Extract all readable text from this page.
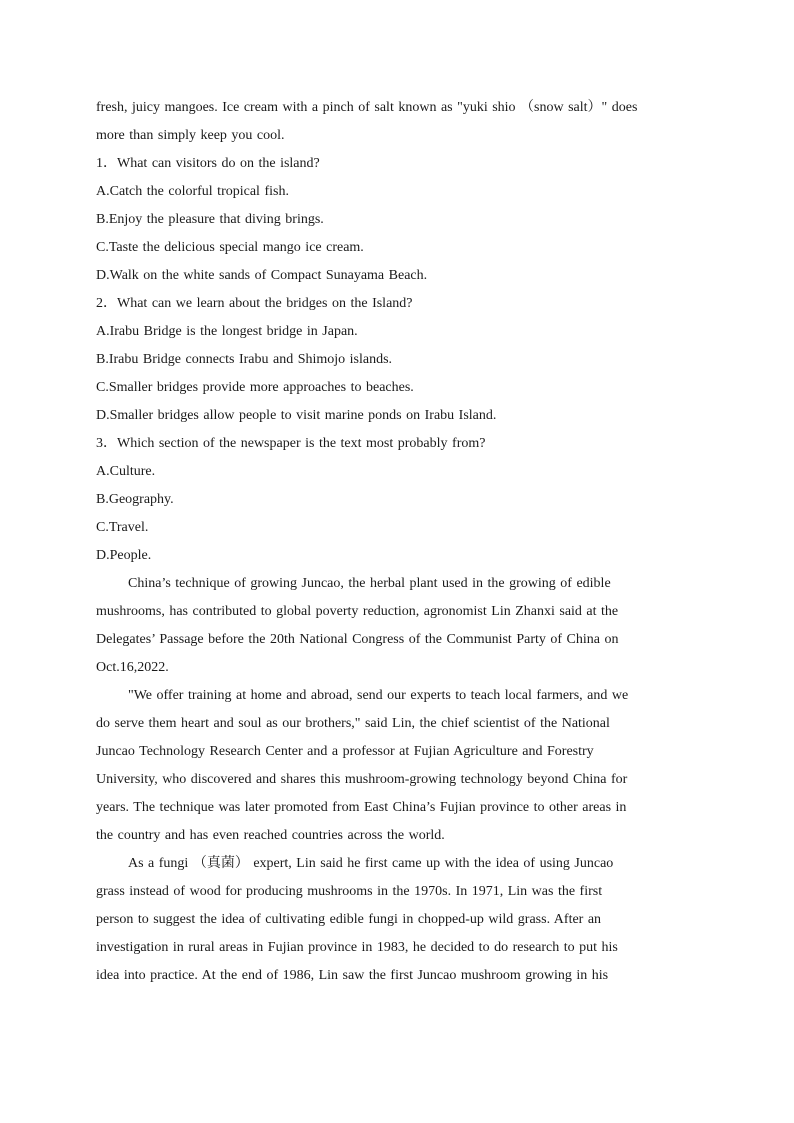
fresh, juicy mangoes. Ice cream with a pinch of salt known as "yuki shio （snow salt）" does
more than simply keep you cool.
1．What can visitors do on the island?
A.Catch the colorful tropical fish.
B.Enjoy the pleasure that diving brings.
C.Taste the delicious special mango ice cream.
D.Walk on the white sands of Compact Sunayama Beach.
2．What can we learn about the bridges on the Island?
A.Irabu Bridge is the longest bridge in Japan.
B.Irabu Bridge connects Irabu and Shimojo islands.
C.Smaller bridges provide more approaches to beaches.
D.Smaller bridges allow people to visit marine ponds on Irabu Island.
3．Which section of the newspaper is the text most probably from?
A.Culture.
B.Geography.
C.Travel.
D.People.
China’s technique of growing Juncao, the herbal plant used in the growing of edible
mushrooms, has contributed to global poverty reduction, agronomist Lin Zhanxi said at the
Delegates’ Passage before the 20th National Congress of the Communist Party of China on
Oct.16,2022.
"We offer training at home and abroad, send our experts to teach local farmers, and we
do serve them heart and soul as our brothers," said Lin, the chief scientist of the National
Juncao Technology Research Center and a professor at Fujian Agriculture and Forestry
University, who discovered and shares this mushroom-growing technology beyond China for
years. The technique was later promoted from East China’s Fujian province to other areas in
the country and has even reached countries across the world.
As a fungi （真菌） expert, Lin said he first came up with the idea of using Juncao
grass instead of wood for producing mushrooms in the 1970s. In 1971, Lin was the first
person to suggest the idea of cultivating edible fungi in chopped-up wild grass. After an
investigation in rural areas in Fujian province in 1983, he decided to do research to put his
idea into practice. At the end of 1986, Lin saw the first Juncao mushroom growing in his
